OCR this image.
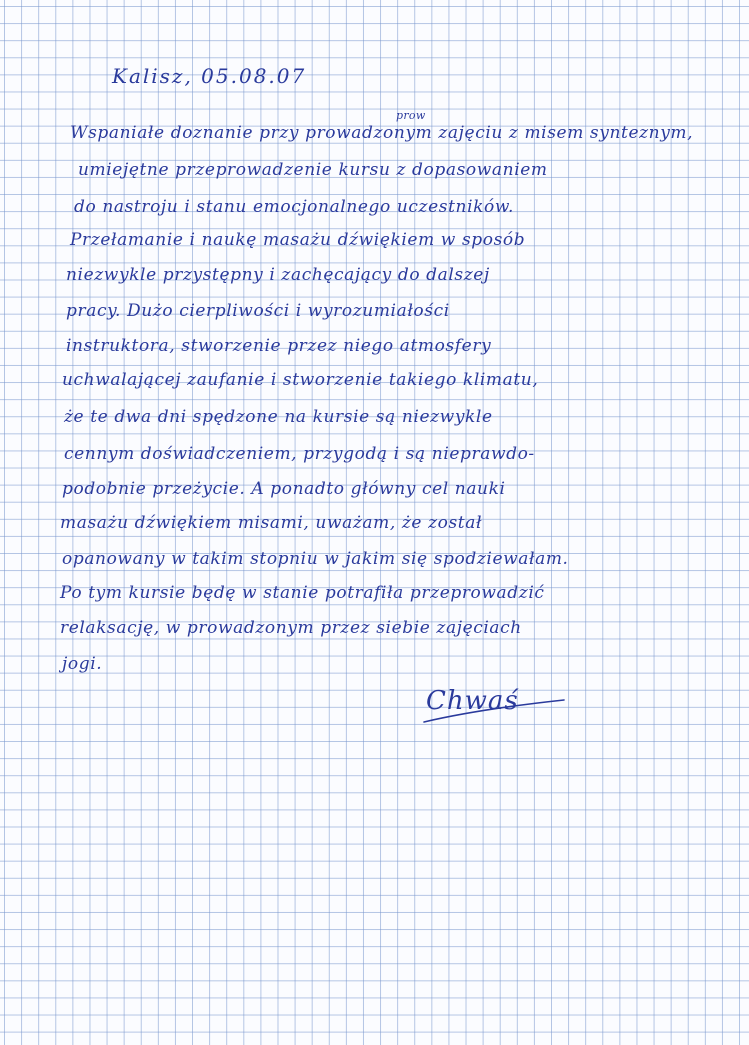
Kalisz, 05.08.07

prow

Wspaniałe doznanie przy prowadzonym zajęciu z misem synteznym,

umiejętne przeprowadzenie kursu z dopasowaniem

do nastroju i stanu emocjonalnego uczestników.

Przełamanie i naukę masażu dźwiękiem w sposób

niezwykle przystępny i zachęcający do dalszej

pracy. Dużo cierpliwości i wyrozumiałości

instruktora, stworzenie przez niego atmosfery

uchwalającej zaufanie i stworzenie takiego klimatu,

że te dwa dni spędzone na kursie są niezwykle

cennym doświadczeniem, przygodą i są nieprawdo-

podobnie przeżycie. A ponadto główny cel nauki

masażu dźwiękiem misami, uważam, że został

opanowany w takim stopniu w jakim się spodziewałam.

Po tym kursie będę w stanie potrafiła przeprowadzić

relaksację, w prowadzonym przez siebie zajęciach

jogi.

Chwaś
